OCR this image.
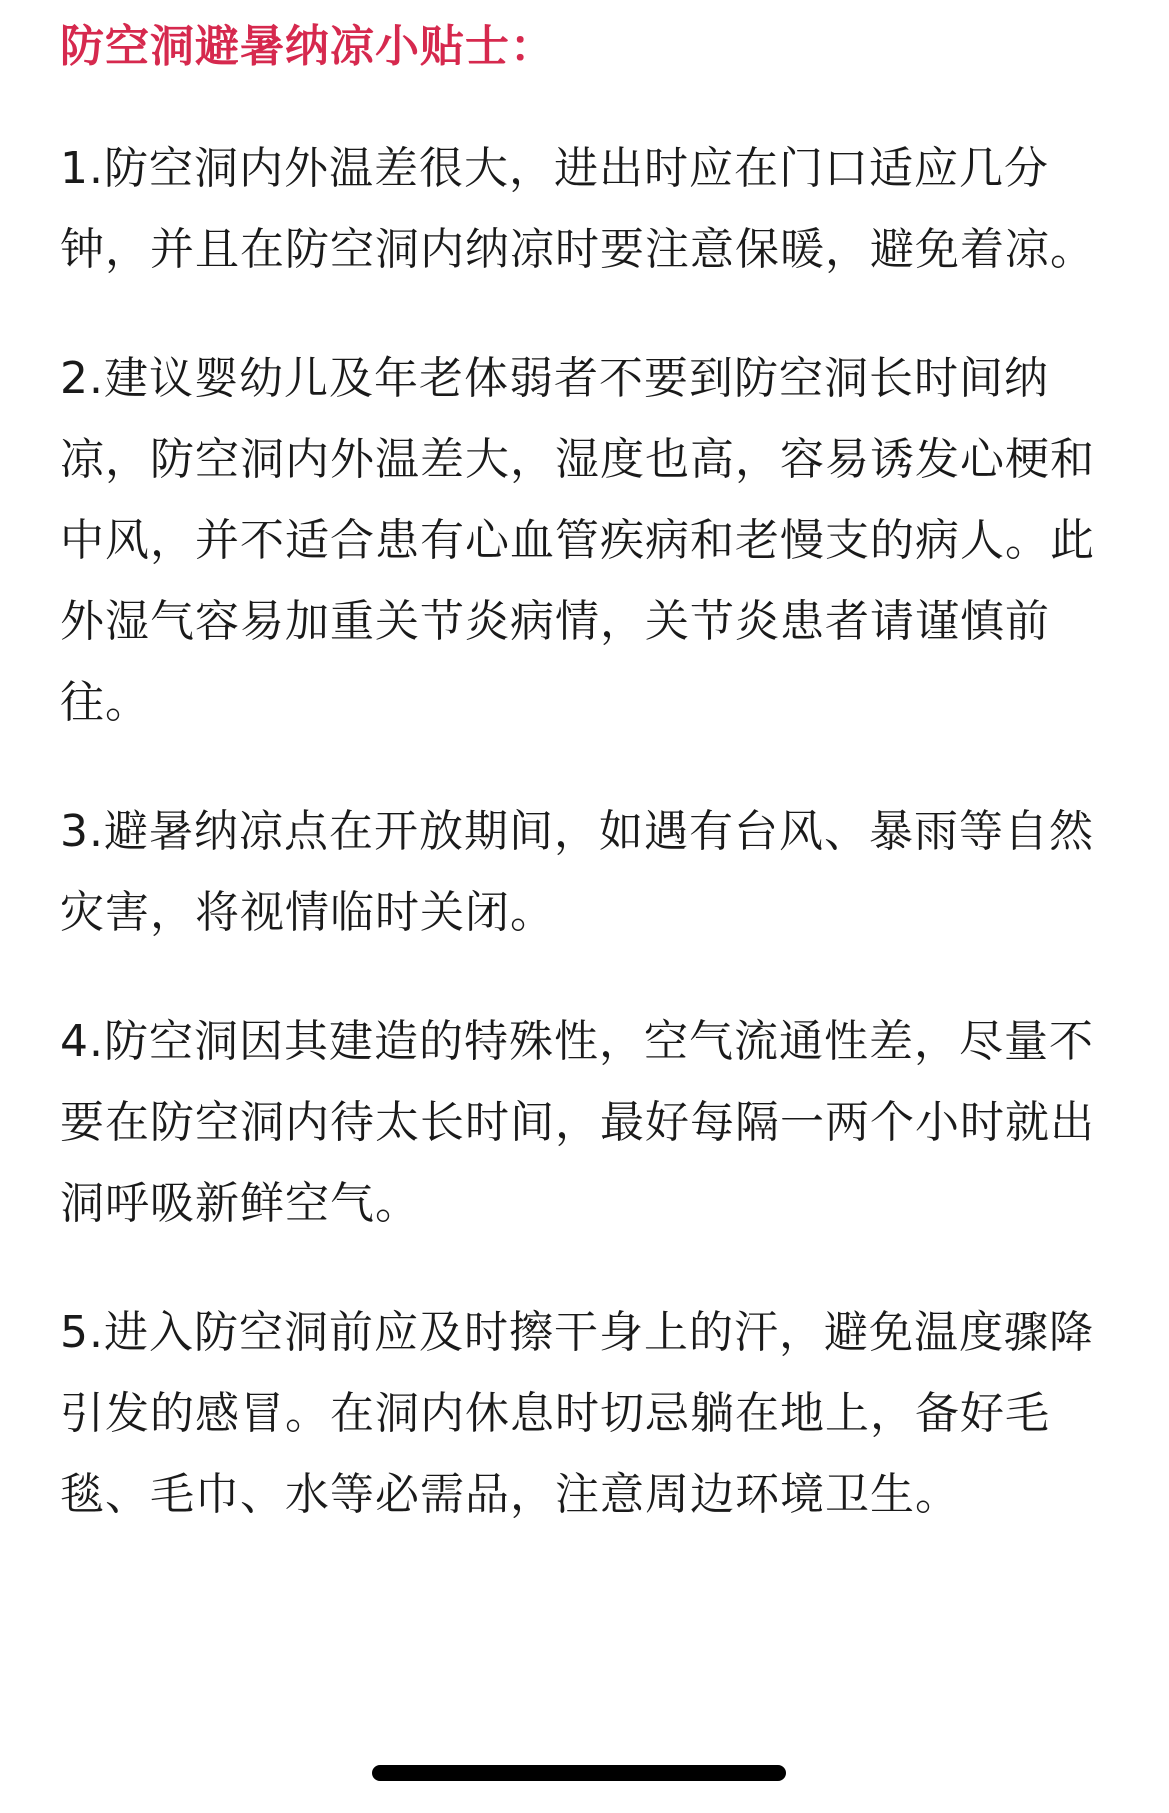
防空洞避暑纳凉小贴士：

1.防空洞内外温差很大，进出时应在门口适应几分钟，并且在防空洞内纳凉时要注意保暖，避免着凉。

2.建议婴幼儿及年老体弱者不要到防空洞长时间纳凉，防空洞内外温差大，湿度也高，容易诱发心梗和中风，并不适合患有心血管疾病和老慢支的病人。此外湿气容易加重关节炎病情，关节炎患者请谨慎前往。

3.避暑纳凉点在开放期间，如遇有台风、暴雨等自然灾害，将视情临时关闭。

4.防空洞因其建造的特殊性，空气流通性差，尽量不要在防空洞内待太长时间，最好每隔一两个小时就出洞呼吸新鲜空气。

5.进入防空洞前应及时擦干身上的汗，避免温度骤降引发的感冒。在洞内休息时切忌躺在地上，备好毛毯、毛巾、水等必需品，注意周边环境卫生。
